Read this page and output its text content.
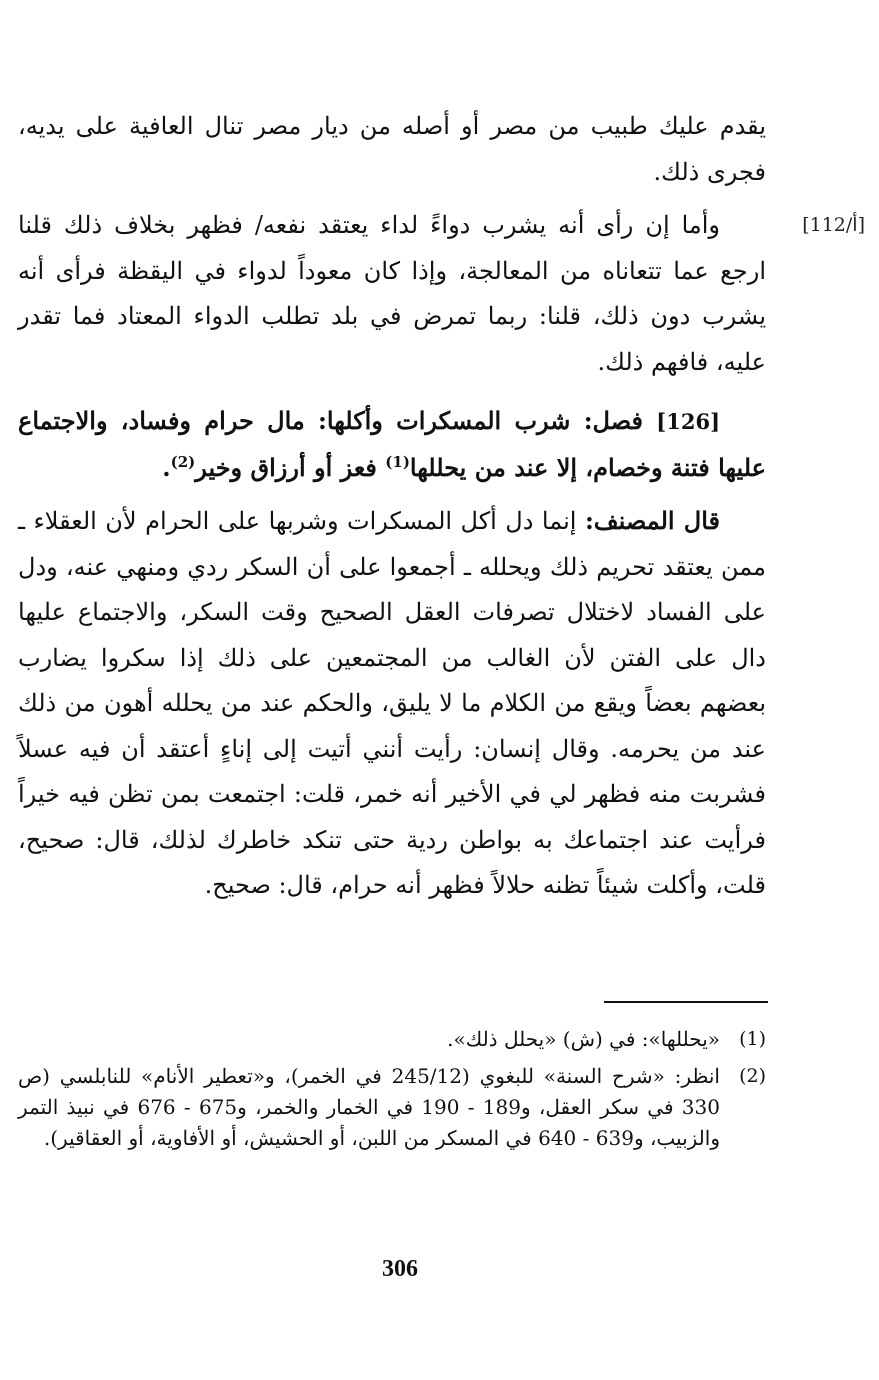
يقدم عليك طبيب من مصر أو أصله من ديار مصر تنال العافية على يديه، فجرى ذلك.

[112/أ]

وأما إن رأى أنه يشرب دواءً لداء يعتقد نفعه/ فظهر بخلاف ذلك قلنا ارجع عما تتعاناه من المعالجة، وإذا كان معوداً لدواء في اليقظة فرأى أنه يشرب دون ذلك، قلنا: ربما تمرض في بلد تطلب الدواء المعتاد فما تقدر عليه، فافهم ذلك.

[126] فصل: شرب المسكرات وأكلها: مال حرام وفساد، والاجتماع عليها فتنة وخصام، إلا عند من يحللها$^{(1)}$ فعز أو أرزاق وخير$^{(2)}$.

قال المصنف: إنما دل أكل المسكرات وشربها على الحرام لأن العقلاء ـ ممن يعتقد تحريم ذلك ويحلله ـ أجمعوا على أن السكر ردي ومنهي عنه، ودل على الفساد لاختلال تصرفات العقل الصحيح وقت السكر، والاجتماع عليها دال على الفتن لأن الغالب من المجتمعين على ذلك إذا سكروا يضارب بعضهم بعضاً ويقع من الكلام ما لا يليق، والحكم عند من يحلله أهون من ذلك عند من يحرمه. وقال إنسان: رأيت أنني أتيت إلى إناءٍ أعتقد أن فيه عسلاً فشربت منه فظهر لي في الأخير أنه خمر، قلت: اجتمعت بمن تظن فيه خيراً فرأيت عند اجتماعك به بواطن ردية حتى تنكد خاطرك لذلك، قال: صحيح، قلت، وأكلت شيئاً تظنه حلالاً فظهر أنه حرام، قال: صحيح.

(1)
«يحللها»: في (ش) «يحلل ذلك».
(2)
انظر: «شرح السنة» للبغوي (245/12 في الخمر)، و«تعطير الأنام» للنابلسي (ص 330 في سكر العقل، و189 - 190 في الخمار والخمر، و675 - 676 في نبيذ التمر والزبيب، و639 - 640 في المسكر من اللبن، أو الحشيش، أو الأفاوية، أو العقاقير).
306
